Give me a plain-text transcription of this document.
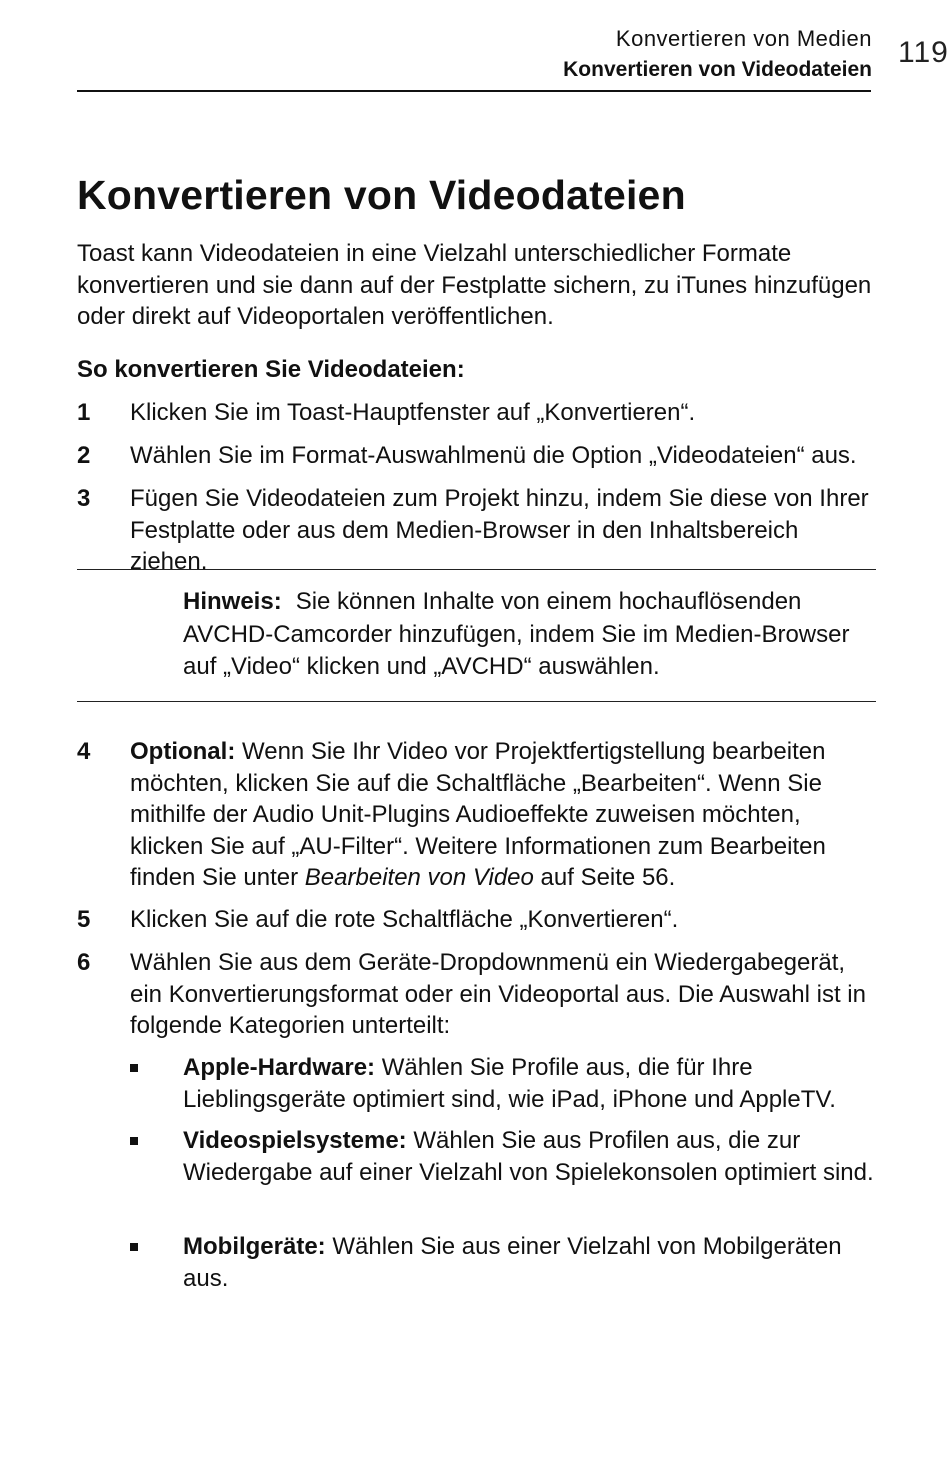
Konvertieren von Medien
Konvertieren von Videodateien
119
Konvertieren von Videodateien

Toast kann Videodateien in eine Vielzahl unterschiedlicher Formate konvertieren und sie dann auf der Festplatte sichern, zu iTunes hinzufügen oder direkt auf Videoportalen veröffentlichen.

So konvertieren Sie Videodateien:
1 Klicken Sie im Toast-Hauptfenster auf „Konvertieren“.
2 Wählen Sie im Format-Auswahlmenü die Option „Videodateien“ aus.
3 Fügen Sie Videodateien zum Projekt hinzu, indem Sie diese von Ihrer Festplatte oder aus dem Medien-Browser in den Inhaltsbereich ziehen.
Hinweis: Sie können Inhalte von einem hochauflösenden AVCHD-Camcorder hinzufügen, indem Sie im Medien-Browser auf „Video“ klicken und „AVCHD“ auswählen.
4 Optional: Wenn Sie Ihr Video vor Projektfertigstellung bearbeiten möchten, klicken Sie auf die Schaltfläche „Bearbeiten“. Wenn Sie mithilfe der Audio Unit-Plugins Audioeffekte zuweisen möchten, klicken Sie auf „AU-Filter“. Weitere Informationen zum Bearbeiten finden Sie unter Bearbeiten von Video auf Seite 56.
5 Klicken Sie auf die rote Schaltfläche „Konvertieren“.
6 Wählen Sie aus dem Geräte-Dropdownmenü ein Wiedergabegerät, ein Konvertierungsformat oder ein Videoportal aus. Die Auswahl ist in folgende Kategorien unterteilt:
Apple-Hardware: Wählen Sie Profile aus, die für Ihre Lieblingsgeräte optimiert sind, wie iPad, iPhone und AppleTV.
Videospielsysteme: Wählen Sie aus Profilen aus, die zur Wiedergabe auf einer Vielzahl von Spielekonsolen optimiert sind.
Mobilgeräte: Wählen Sie aus einer Vielzahl von Mobilgeräten aus.
